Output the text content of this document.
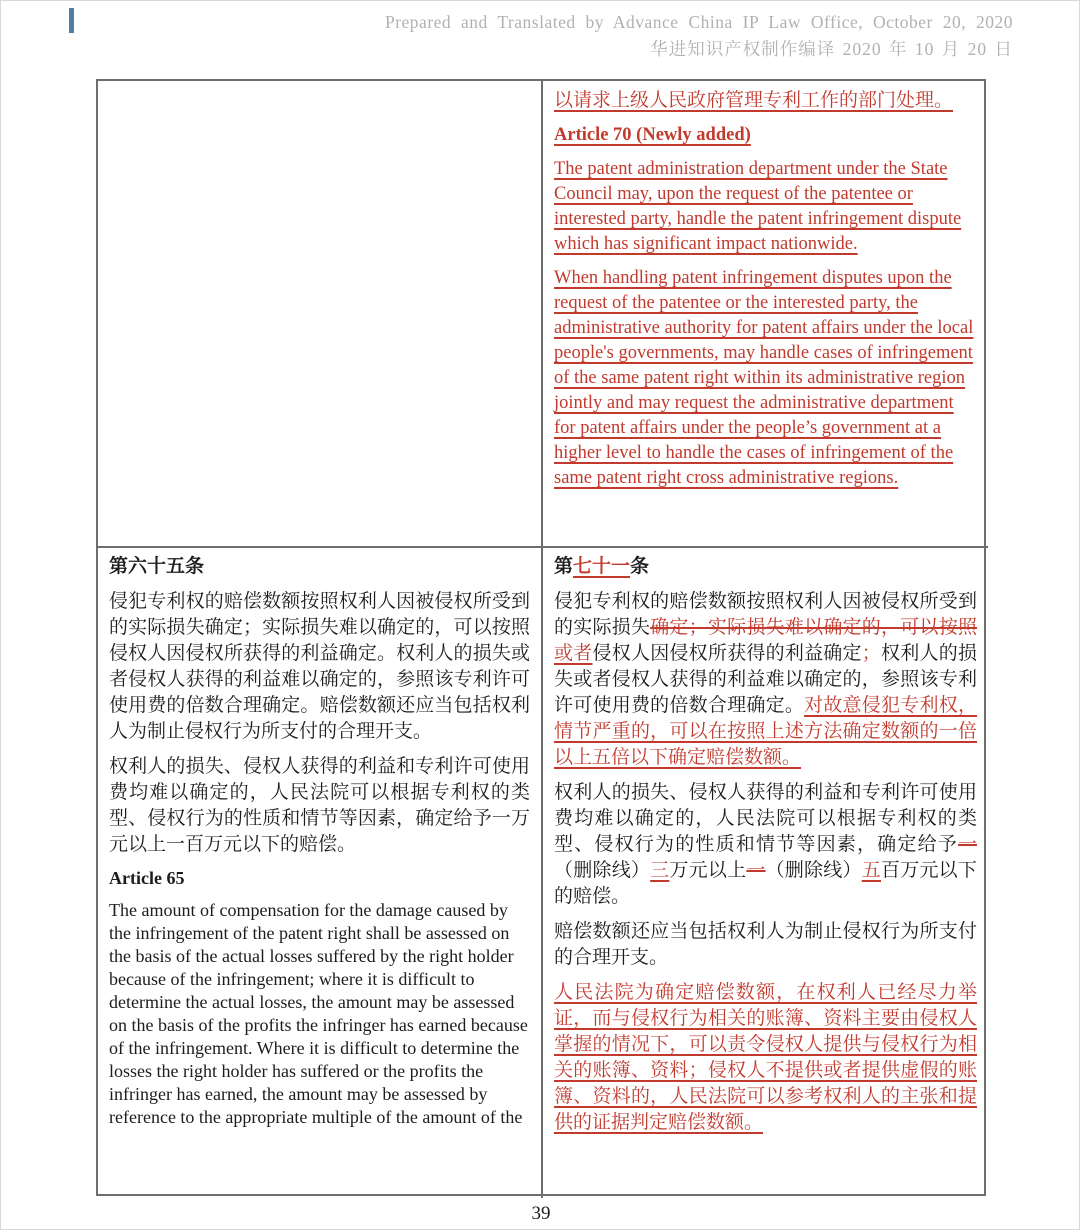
Prepared and Translated by Advance China IP Law Office, October 20, 2020
华进知识产权制作编译 2020 年 10 月 20 日
以请求上级人民政府管理专利工作的部门处理。
Article 70 (Newly added)
The patent administration department under the State Council may, upon the request of the patentee or interested party, handle the patent infringement dispute which has significant impact nationwide.
When handling patent infringement disputes upon the request of the patentee or the interested party, the administrative authority for patent affairs under the local people's governments, may handle cases of infringement of the same patent right within its administrative region jointly and may request the administrative department for patent affairs under the people’s government at a higher level to handle the cases of infringement of the same patent right cross administrative regions.
第六十五条
侵犯专利权的赔偿数额按照权利人因被侵权所受到的实际损失确定；实际损失难以确定的，可以按照侵权人因侵权所获得的利益确定。权利人的损失或者侵权人获得的利益难以确定的，参照该专利许可使用费的倍数合理确定。赔偿数额还应当包括权利人为制止侵权行为所支付的合理开支。
权利人的损失、侵权人获得的利益和专利许可使用费均难以确定的，人民法院可以根据专利权的类型、侵权行为的性质和情节等因素，确定给予一万元以上一百万元以下的赔偿。
Article 65
The amount of compensation for the damage caused by the infringement of the patent right shall be assessed on the basis of the actual losses suffered by the right holder because of the infringement; where it is difficult to determine the actual losses, the amount may be assessed on the basis of the profits the infringer has earned because of the infringement. Where it is difficult to determine the losses the right holder has suffered or the profits the infringer has earned, the amount may be assessed by reference to the appropriate multiple of the amount of the
第七十一条
侵犯专利权的赔偿数额按照权利人因被侵权所受到的实际损失确定；实际损失难以确定的，可以按照或者侵权人因侵权所获得的利益确定；权利人的损失或者侵权人获得的利益难以确定的，参照该专利许可使用费的倍数合理确定。对故意侵犯专利权，情节严重的，可以在按照上述方法确定数额的一倍以上五倍以下确定赔偿数额。
权利人的损失、侵权人获得的利益和专利许可使用费均难以确定的，人民法院可以根据专利权的类型、侵权行为的性质和情节等因素，确定给予一（删除线）三万元以上一（删除线）五百万元以下的赔偿。
赔偿数额还应当包括权利人为制止侵权行为所支付的合理开支。
人民法院为确定赔偿数额，在权利人已经尽力举证，而与侵权行为相关的账簿、资料主要由侵权人掌握的情况下，可以责令侵权人提供与侵权行为相关的账簿、资料；侵权人不提供或者提供虚假的账簿、资料的，人民法院可以参考权利人的主张和提供的证据判定赔偿数额。
39
